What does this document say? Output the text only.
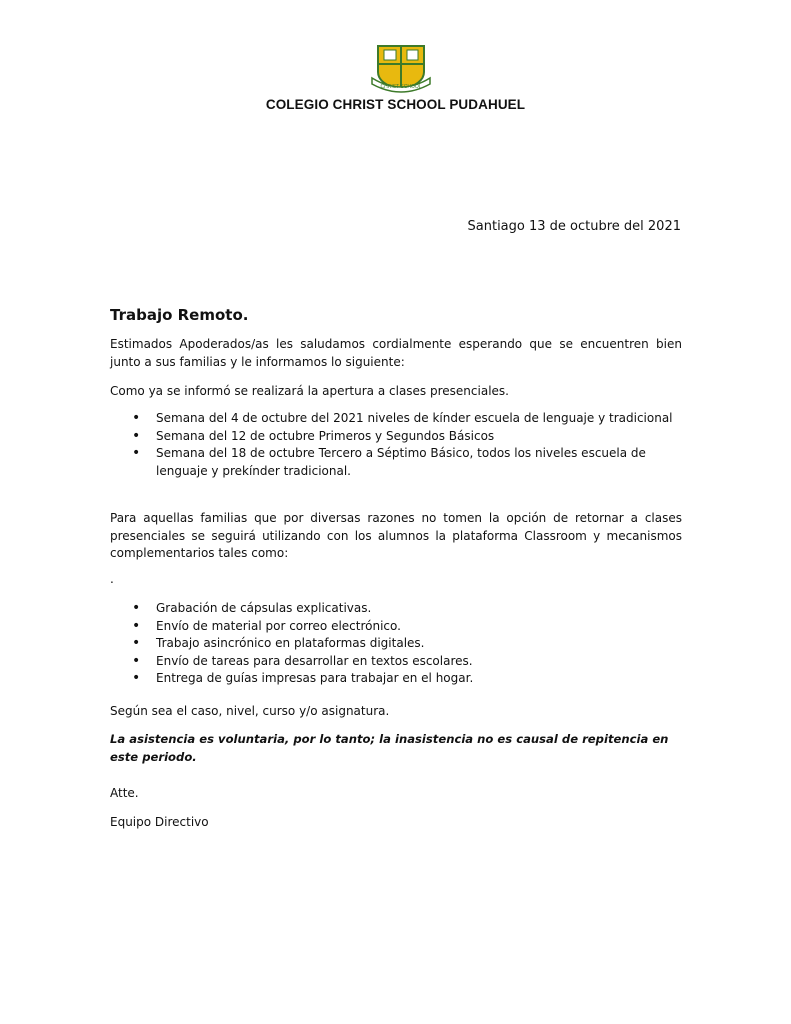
CHRIST SCHOOL
COLEGIO CHRIST SCHOOL PUDAHUEL
Santiago 13 de octubre del 2021
Trabajo Remoto.
Estimados Apoderados/as les saludamos cordialmente esperando que se encuentren bien junto a sus familias y le informamos lo siguiente:
Como ya se informó se realizará la apertura a clases presenciales.
• Semana del 4 de octubre del 2021 niveles de kínder escuela de lenguaje y tradicional
• Semana del 12 de octubre Primeros y Segundos Básicos
• Semana del 18 de octubre Tercero a Séptimo Básico, todos los niveles escuela de lenguaje y prekínder tradicional.
Para aquellas familias que por diversas razones no tomen la opción de retornar a clases presenciales se seguirá utilizando con los alumnos la plataforma Classroom y mecanismos complementarios tales como:
.
• Grabación de cápsulas explicativas.
• Envío de material por correo electrónico.
• Trabajo asincrónico en plataformas digitales.
• Envío de tareas para desarrollar en textos escolares.
• Entrega de guías impresas para trabajar en el hogar.
Según sea el caso, nivel, curso y/o asignatura.
La asistencia es voluntaria, por lo tanto; la inasistencia no es causal de repitencia en este periodo.
Atte.
Equipo Directivo
